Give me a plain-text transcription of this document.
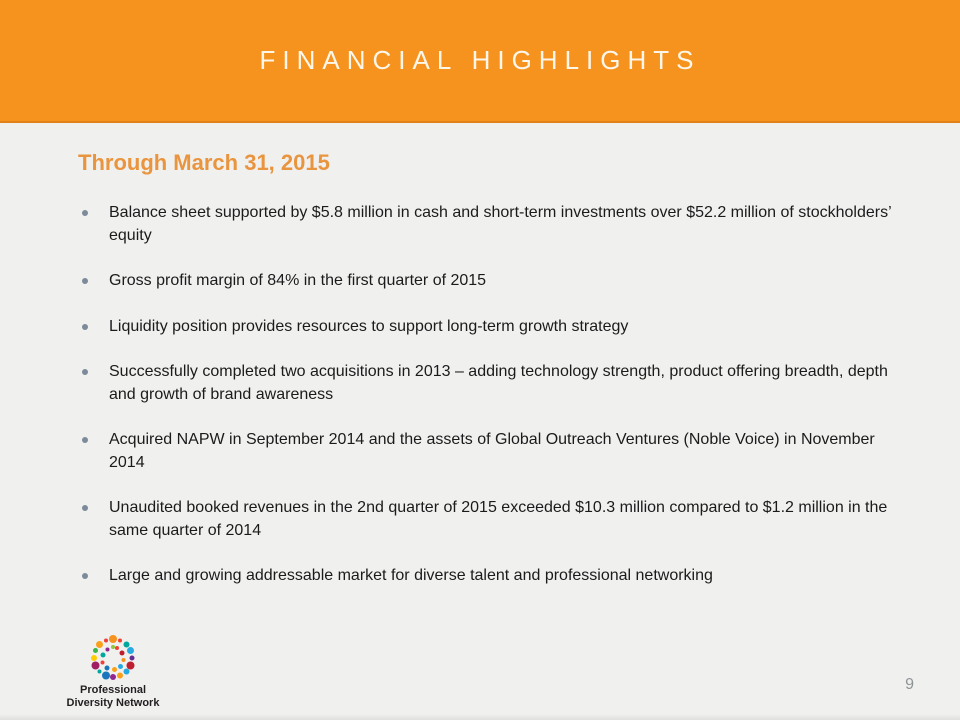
FINANCIAL HIGHLIGHTS
Through March 31, 2015
Balance sheet supported by $5.8 million in cash and short-term investments over $52.2 million of stockholders’ equity
Gross profit margin of 84% in the first quarter of 2015
Liquidity position provides resources to support long-term growth strategy
Successfully completed two acquisitions in 2013 – adding technology strength, product offering breadth, depth and growth of brand awareness
Acquired NAPW in September 2014 and the assets of Global Outreach Ventures (Noble Voice) in November 2014
Unaudited booked revenues in the 2nd quarter of 2015 exceeded $10.3 million compared to $1.2 million in the same quarter of 2014
Large and growing addressable market for diverse talent and professional networking
Professional
Diversity Network
9
